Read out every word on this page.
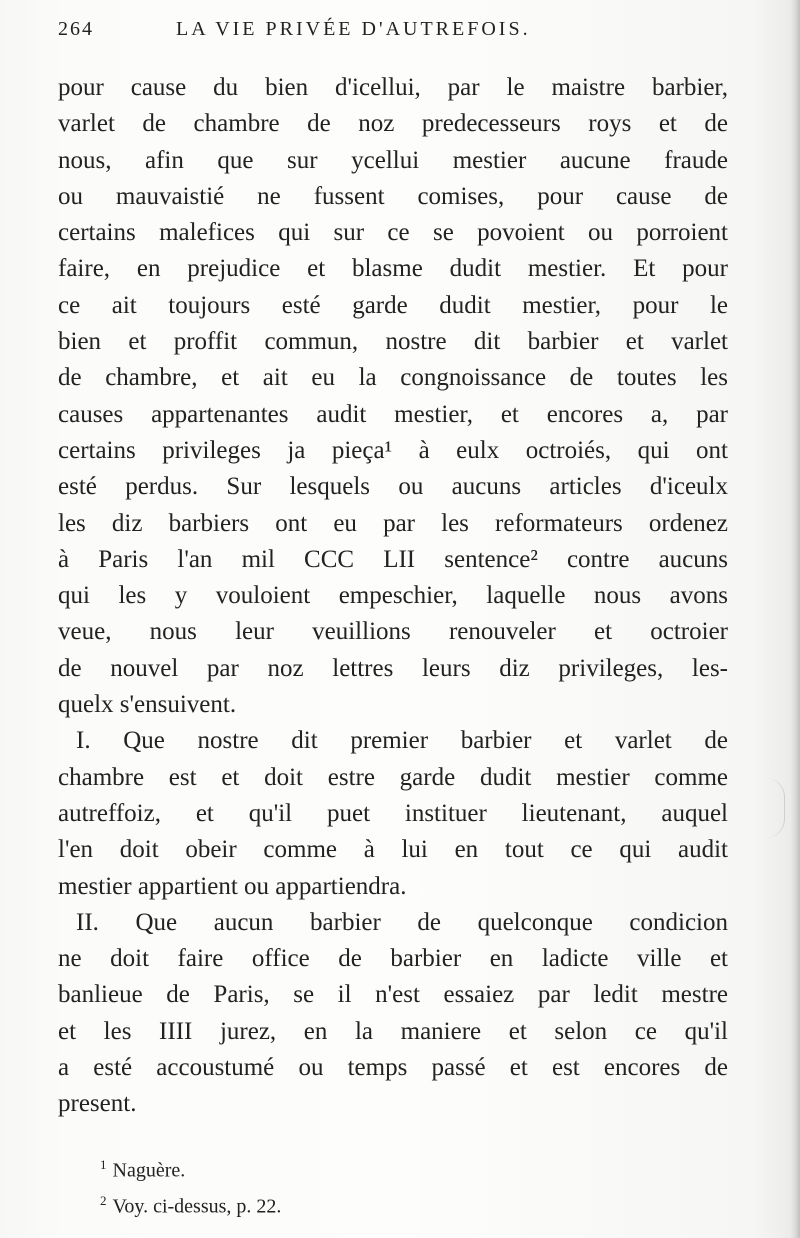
264	LA VIE PRIVÉE D'AUTREFOIS.

pour cause du bien d'icellui, par le maistre barbier,
varlet de chambre de noz predecesseurs roys et de
nous, afin que sur ycellui mestier aucune fraude
ou mauvaistié ne fussent comises, pour cause de
certains malefices qui sur ce se povoient ou porroient
faire, en prejudice et blasme dudit mestier. Et pour
ce ait toujours esté garde dudit mestier, pour le
bien et proffit commun, nostre dit barbier et varlet
de chambre, et ait eu la congnoissance de toutes les
causes appartenantes audit mestier, et encores a, par
certains privileges ja pieça¹ à eulx octroiés, qui ont
esté perdus. Sur lesquels ou aucuns articles d'iceulx
les diz barbiers ont eu par les reformateurs ordenez
à Paris l'an mil CCC LII sentence² contre aucuns
qui les y vouloient empeschier, laquelle nous avons
veue, nous leur veuillions renouveler et octroier
de nouvel par noz lettres leurs diz privileges, les-
quelx s'ensuivent.

I. Que nostre dit premier barbier et varlet de
chambre est et doit estre garde dudit mestier comme
autreffoiz, et qu'il puet instituer lieutenant, auquel
l'en doit obeir comme à lui en tout ce qui audit
mestier appartient ou appartiendra.

II. Que aucun barbier de quelconque condicion
ne doit faire office de barbier en ladicte ville et
banlieue de Paris, se il n'est essaiez par ledit mestre
et les IIII jurez, en la maniere et selon ce qu'il
a esté accoustumé ou temps passé et est encores de
present.

$^1$ Naguère.
$^2$ Voy. ci-dessus, p. 22.
